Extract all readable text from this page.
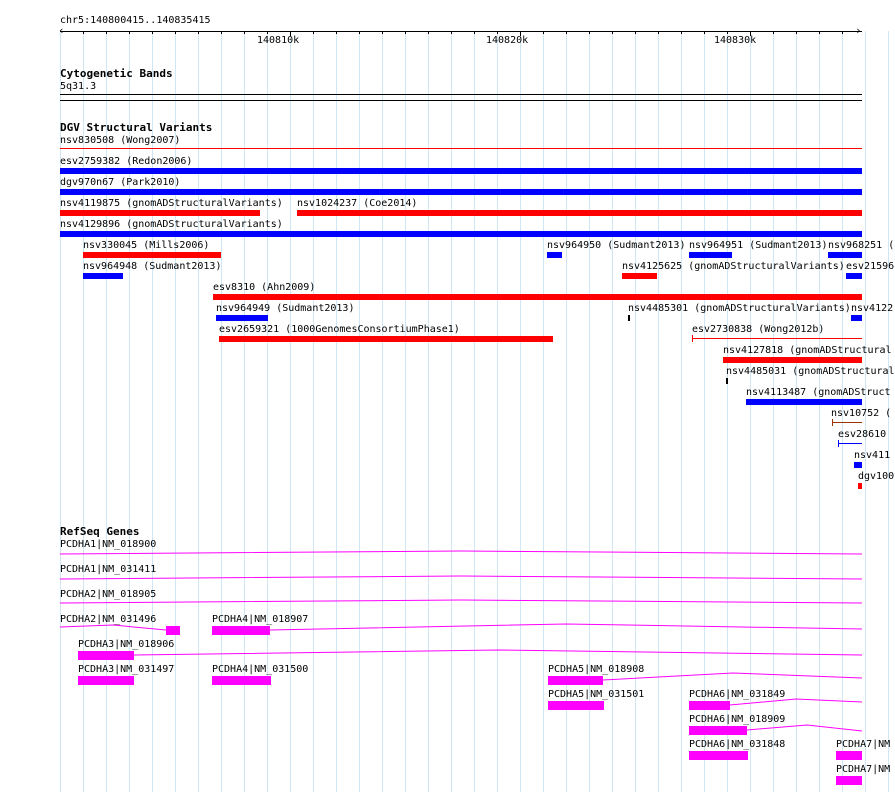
chr5:140800415..140835415
‹	›
140810k	140820k	140830k
Cytogenetic Bands
5q31.3
DGV Structural Variants
nsv830508 (Wong2007)
esv2759382 (Redon2006)
dgv970n67 (Park2010)
nsv4119875 (gnomADStructuralVariants) nsv1024237 (Coe2014)
nsv4129896 (gnomADStructuralVariants)
nsv330045 (Mills2006)	nsv964950 (Sudmant2013) nsv964951 (Sudmant2013) nsv968251 (
nsv964948 (Sudmant2013)	nsv4125625 (gnomADStructuralVariants) esv21596
esv8310 (Ahn2009)
nsv964949 (Sudmant2013)	nsv4485301 (gnomADStructuralVariants) nsv4122
esv2659321 (1000GenomesConsortiumPhase1)	esv2730838 (Wong2012b)
nsv4127818 (gnomADStructural
nsv4485031 (gnomADStructural
nsv4113487 (gnomADStruct
nsv10752 (
esv28610
nsv411
dgv100
RefSeq Genes
PCDHA1|NM_018900
PCDHA1|NM_031411
PCDHA2|NM_018905
PCDHA2|NM_031496	PCDHA4|NM_018907
PCDHA3|NM_018906
PCDHA3|NM_031497	PCDHA4|NM_031500	PCDHA5|NM_018908
PCDHA5|NM_031501	PCDHA6|NM_031849
PCDHA6|NM_018909
PCDHA6|NM_031848	PCDHA7|NM
PCDHA7|NM
